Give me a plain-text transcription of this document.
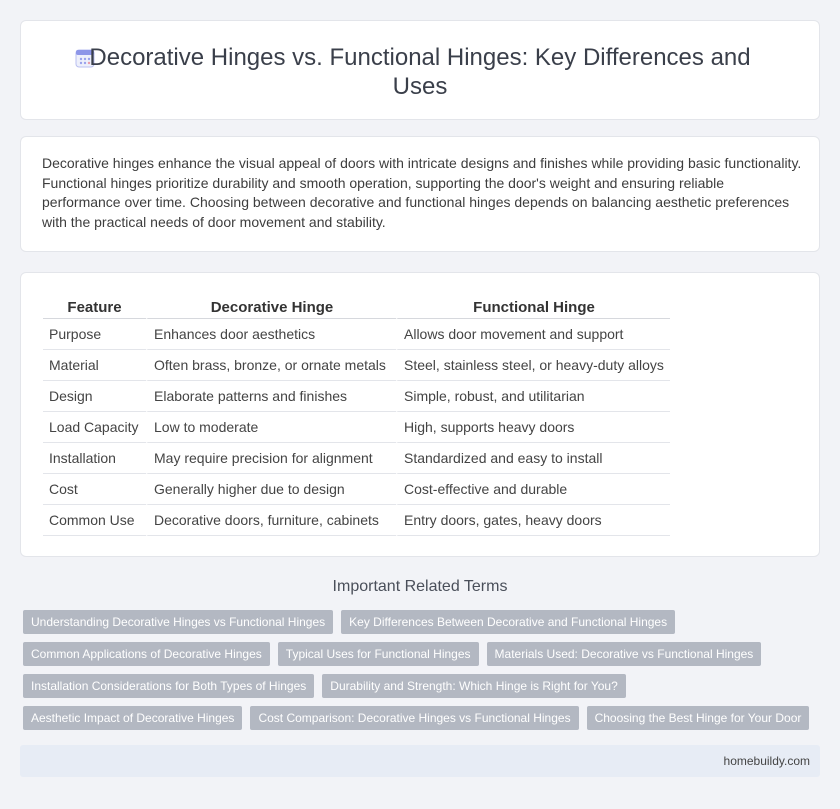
Decorative Hinges vs. Functional Hinges: Key Differences and Uses

Decorative hinges enhance the visual appeal of doors with intricate designs and finishes while providing basic functionality. Functional hinges prioritize durability and smooth operation, supporting the door's weight and ensuring reliable performance over time. Choosing between decorative and functional hinges depends on balancing aesthetic preferences with the practical needs of door movement and stability.

Feature	Decorative Hinge	Functional Hinge
Purpose	Enhances door aesthetics	Allows door movement and support
Material	Often brass, bronze, or ornate metals	Steel, stainless steel, or heavy-duty alloys
Design	Elaborate patterns and finishes	Simple, robust, and utilitarian
Load Capacity	Low to moderate	High, supports heavy doors
Installation	May require precision for alignment	Standardized and easy to install
Cost	Generally higher due to design	Cost-effective and durable
Common Use	Decorative doors, furniture, cabinets	Entry doors, gates, heavy doors
Important Related Terms
Understanding Decorative Hinges vs Functional Hinges	Key Differences Between Decorative and Functional Hinges
Common Applications of Decorative Hinges	Typical Uses for Functional Hinges	Materials Used: Decorative vs Functional Hinges
Installation Considerations for Both Types of Hinges	Durability and Strength: Which Hinge is Right for You?
Aesthetic Impact of Decorative Hinges	Cost Comparison: Decorative Hinges vs Functional Hinges	Choosing the Best Hinge for Your Door
homebuildy.com
